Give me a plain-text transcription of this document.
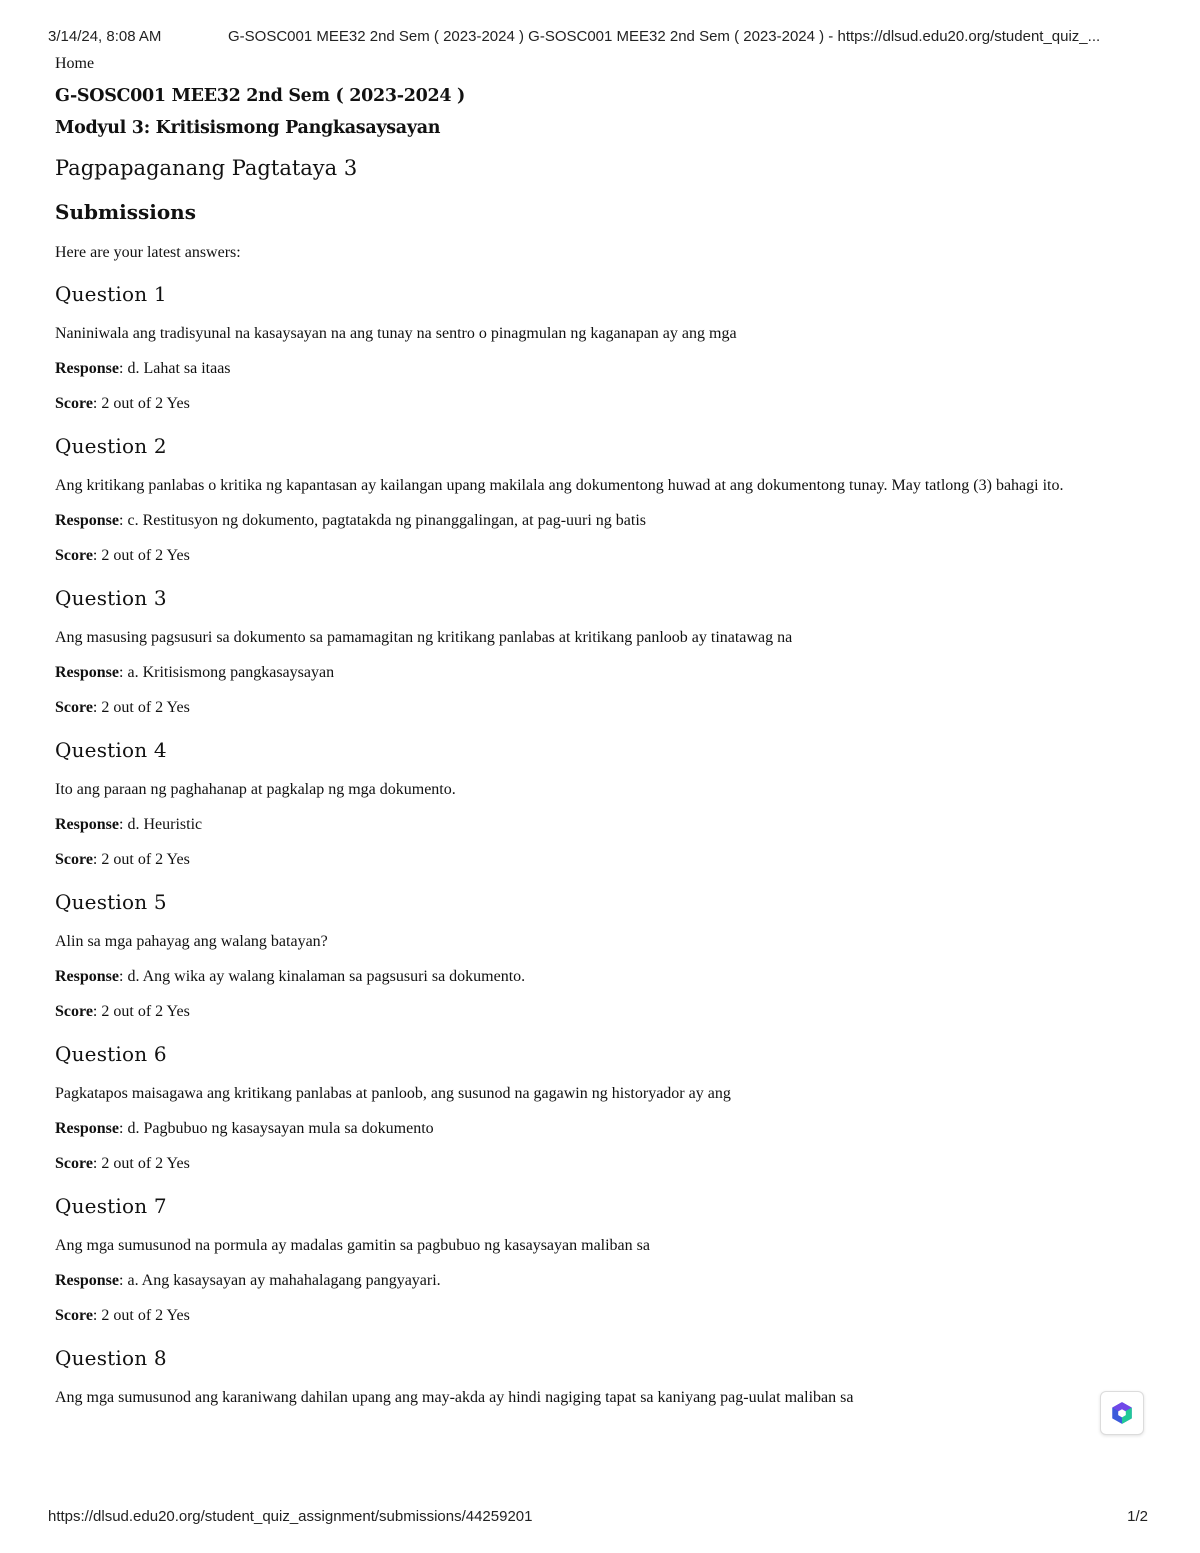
3/14/24, 8:08 AM	G-SOSC001 MEE32 2nd Sem ( 2023-2024 ) G-SOSC001 MEE32 2nd Sem ( 2023-2024 ) - https://dlsud.edu20.org/student_quiz_...
Home
G-SOSC001 MEE32 2nd Sem ( 2023-2024 )
Modyul 3: Kritisismong Pangkasaysayan
Pagpapaganang Pagtataya 3
Submissions

Here are your latest answers:

Question 1

Naniniwala ang tradisyunal na kasaysayan na ang tunay na sentro o pinagmulan ng kaganapan ay ang mga

Response: d. Lahat sa itaas

Score: 2 out of 2 Yes

Question 2

Ang kritikang panlabas o kritika ng kapantasan ay kailangan upang makilala ang dokumentong huwad at ang dokumentong tunay. May tatlong (3) bahagi ito.

Response: c. Restitusyon ng dokumento, pagtatakda ng pinanggalingan, at pag-uuri ng batis

Score: 2 out of 2 Yes

Question 3

Ang masusing pagsusuri sa dokumento sa pamamagitan ng kritikang panlabas at kritikang panloob ay tinatawag na

Response: a. Kritisismong pangkasaysayan

Score: 2 out of 2 Yes

Question 4

Ito ang paraan ng paghahanap at pagkalap ng mga dokumento.

Response: d. Heuristic

Score: 2 out of 2 Yes

Question 5

Alin sa mga pahayag ang walang batayan?

Response: d. Ang wika ay walang kinalaman sa pagsusuri sa dokumento.

Score: 2 out of 2 Yes

Question 6

Pagkatapos maisagawa ang kritikang panlabas at panloob, ang susunod na gagawin ng historyador ay ang

Response: d. Pagbubuo ng kasaysayan mula sa dokumento

Score: 2 out of 2 Yes

Question 7

Ang mga sumusunod na pormula ay madalas gamitin sa pagbubuo ng kasaysayan maliban sa

Response: a. Ang kasaysayan ay mahahalagang pangyayari.

Score: 2 out of 2 Yes

Question 8

Ang mga sumusunod ang karaniwang dahilan upang ang may-akda ay hindi nagiging tapat sa kaniyang pag-uulat maliban sa

https://dlsud.edu20.org/student_quiz_assignment/submissions/44259201	1/2
